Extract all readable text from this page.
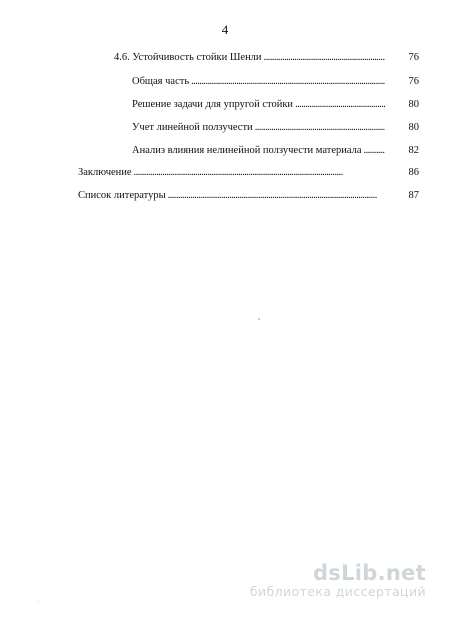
4
4.6. Устойчивость стойки Шенли . . .	76
Общая часть . . .	76
Решение задачи для упругой стойки . . .	80
Учет линейной ползучести . . .	80
Анализ влияния нелинейной ползучести материала . . .	82
Заключение . . .	86
Список литературы . . .	87
dsLib.net
библиотека диссертаций
